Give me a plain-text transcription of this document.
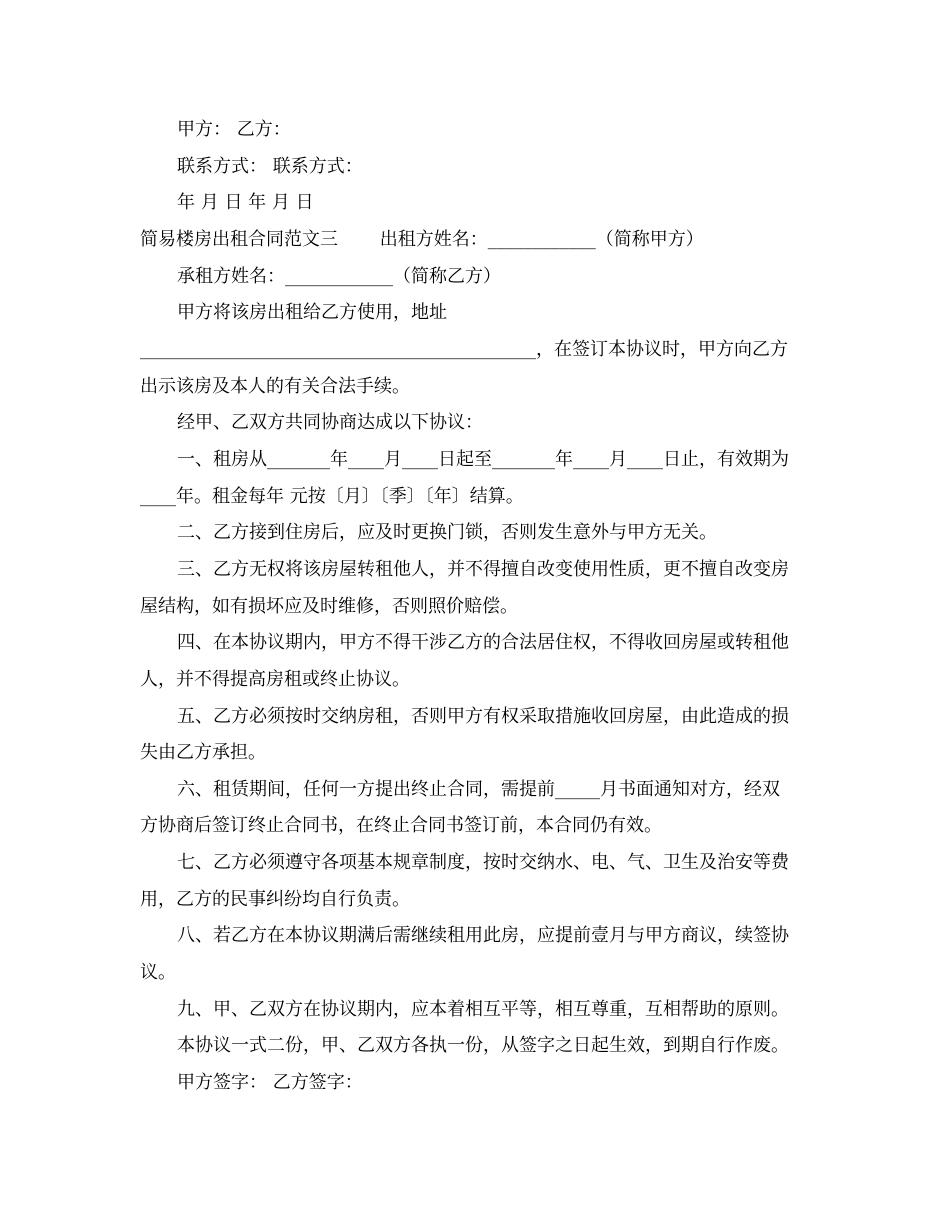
甲方： 乙方：
联系方式： 联系方式：
年 月 日 年 月 日
简易楼房出租合同范文三　　 出租方姓名：____________（简称甲方）
承租方姓名：____________（简称乙方）
甲方将该房出租给乙方使用，地址
____________________________________________，在签订本协议时，甲方向乙方
出示该房及本人的有关合法手续。
经甲、乙双方共同协商达成以下协议：
一、租房从_______年____月____日起至_______年____月____日止，有效期为
____年。租金每年 元按〔月〕〔季〕〔年〕结算。
二、乙方接到住房后，应及时更换门锁，否则发生意外与甲方无关。
三、乙方无权将该房屋转租他人，并不得擅自改变使用性质，更不擅自改变房
屋结构，如有损坏应及时维修，否则照价赔偿。
四、在本协议期内，甲方不得干涉乙方的合法居住权，不得收回房屋或转租他
人，并不得提高房租或终止协议。
五、乙方必须按时交纳房租，否则甲方有权采取措施收回房屋，由此造成的损
失由乙方承担。
六、租赁期间，任何一方提出终止合同，需提前_____月书面通知对方，经双
方协商后签订终止合同书，在终止合同书签订前，本合同仍有效。
七、乙方必须遵守各项基本规章制度，按时交纳水、电、气、卫生及治安等费
用，乙方的民事纠纷均自行负责。
八、若乙方在本协议期满后需继续租用此房，应提前壹月与甲方商议，续签协
议。
九、甲、乙双方在协议期内，应本着相互平等，相互尊重，互相帮助的原则。
本协议一式二份，甲、乙双方各执一份，从签字之日起生效，到期自行作废。
甲方签字： 乙方签字：
